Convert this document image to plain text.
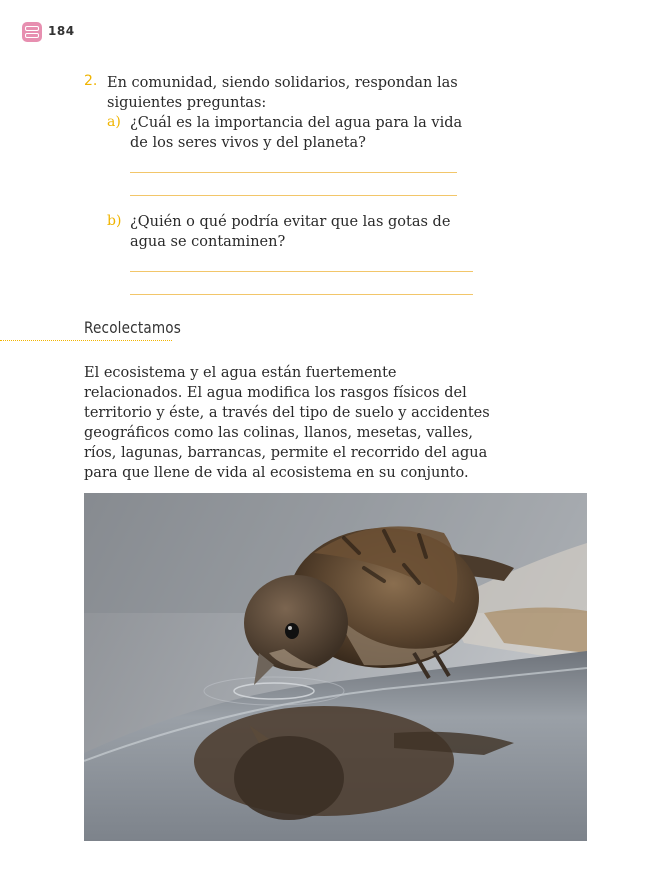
184
2. En comunidad, siendo solidarios, respondan las siguientes preguntas:
a) ¿Cuál es la importancia del agua para la vida de los seres vivos y del planeta?
b) ¿Quién o qué podría evitar que las gotas de agua se contaminen?
Recolectamos

El ecosistema y el agua están fuertemente relacionados. El agua modifica los rasgos físicos del territorio y éste, a través del tipo de suelo y accidentes geográficos como las colinas, llanos, mesetas, valles, ríos, lagunas, barrancas, permite el recorrido del agua para que llene de vida al ecosistema en su conjunto.
